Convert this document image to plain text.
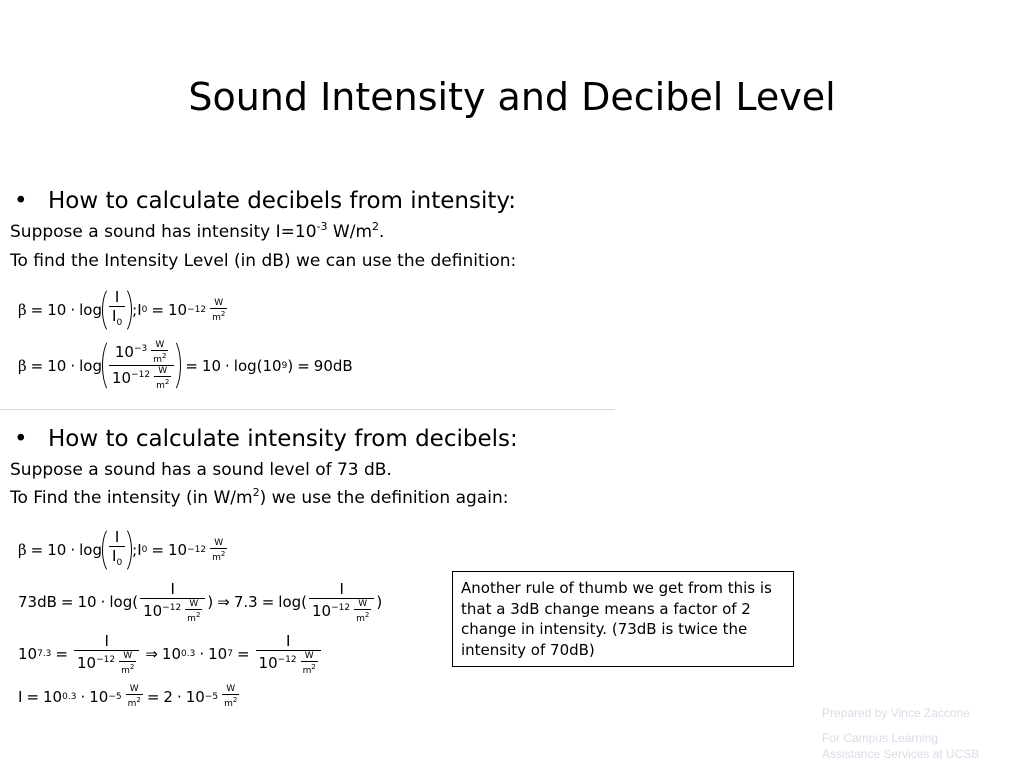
Sound Intensity and Decibel Level
• How to calculate decibels from intensity:
Suppose a sound has intensity $I=10^{-3}$ $W/m^2$.
To find the Intensity Level (in dB) we can use the definition:
$\beta = 10 \cdot \log \frac{I}{I_0}$ ; I 0 = 10 −12
W
$m^2$
$\beta = 10 \cdot \log \frac{10^{-3} \frac{W}{m^2}}{10^{-12} \frac{W}{m^2}} = 10 \cdot \log(10$ 9 ) = 90dB
• How to calculate intensity from decibels:
Suppose a sound has a sound level of 73 dB.
To Find the intensity (in $W/m^2$) we use the definition again:
$\beta = 10 \cdot \log \frac{I}{I_0}$ ; I 0 = 10 −12
W
$m^2$
$73dB = 10 \cdot \log( \frac{I}{10^{-12} \frac{W}{m^2}}$ ) ⇒ $7.3 = \log( \frac{I}{10^{-12} \frac{W}{m^2}}$ )
10 $7.3 = \frac{I}{10^{-12} \frac{W}{m^2}}$ ⇒ 10 0.3 · 10 $7 = \frac{I}{10^{-12} \frac{W}{m^2}}$
I = 10 $0.3 \cdot 10 -5 \frac{W}{m^2} = 2 \cdot 10 -5$
W
$m^2$
Another rule of thumb we get from this is that a 3dB change means a factor of 2 change in intensity. (73dB is twice the intensity of 70dB)
Prepared by Vince Zaccone
For Campus Learning
Assistance Services at UCSB
